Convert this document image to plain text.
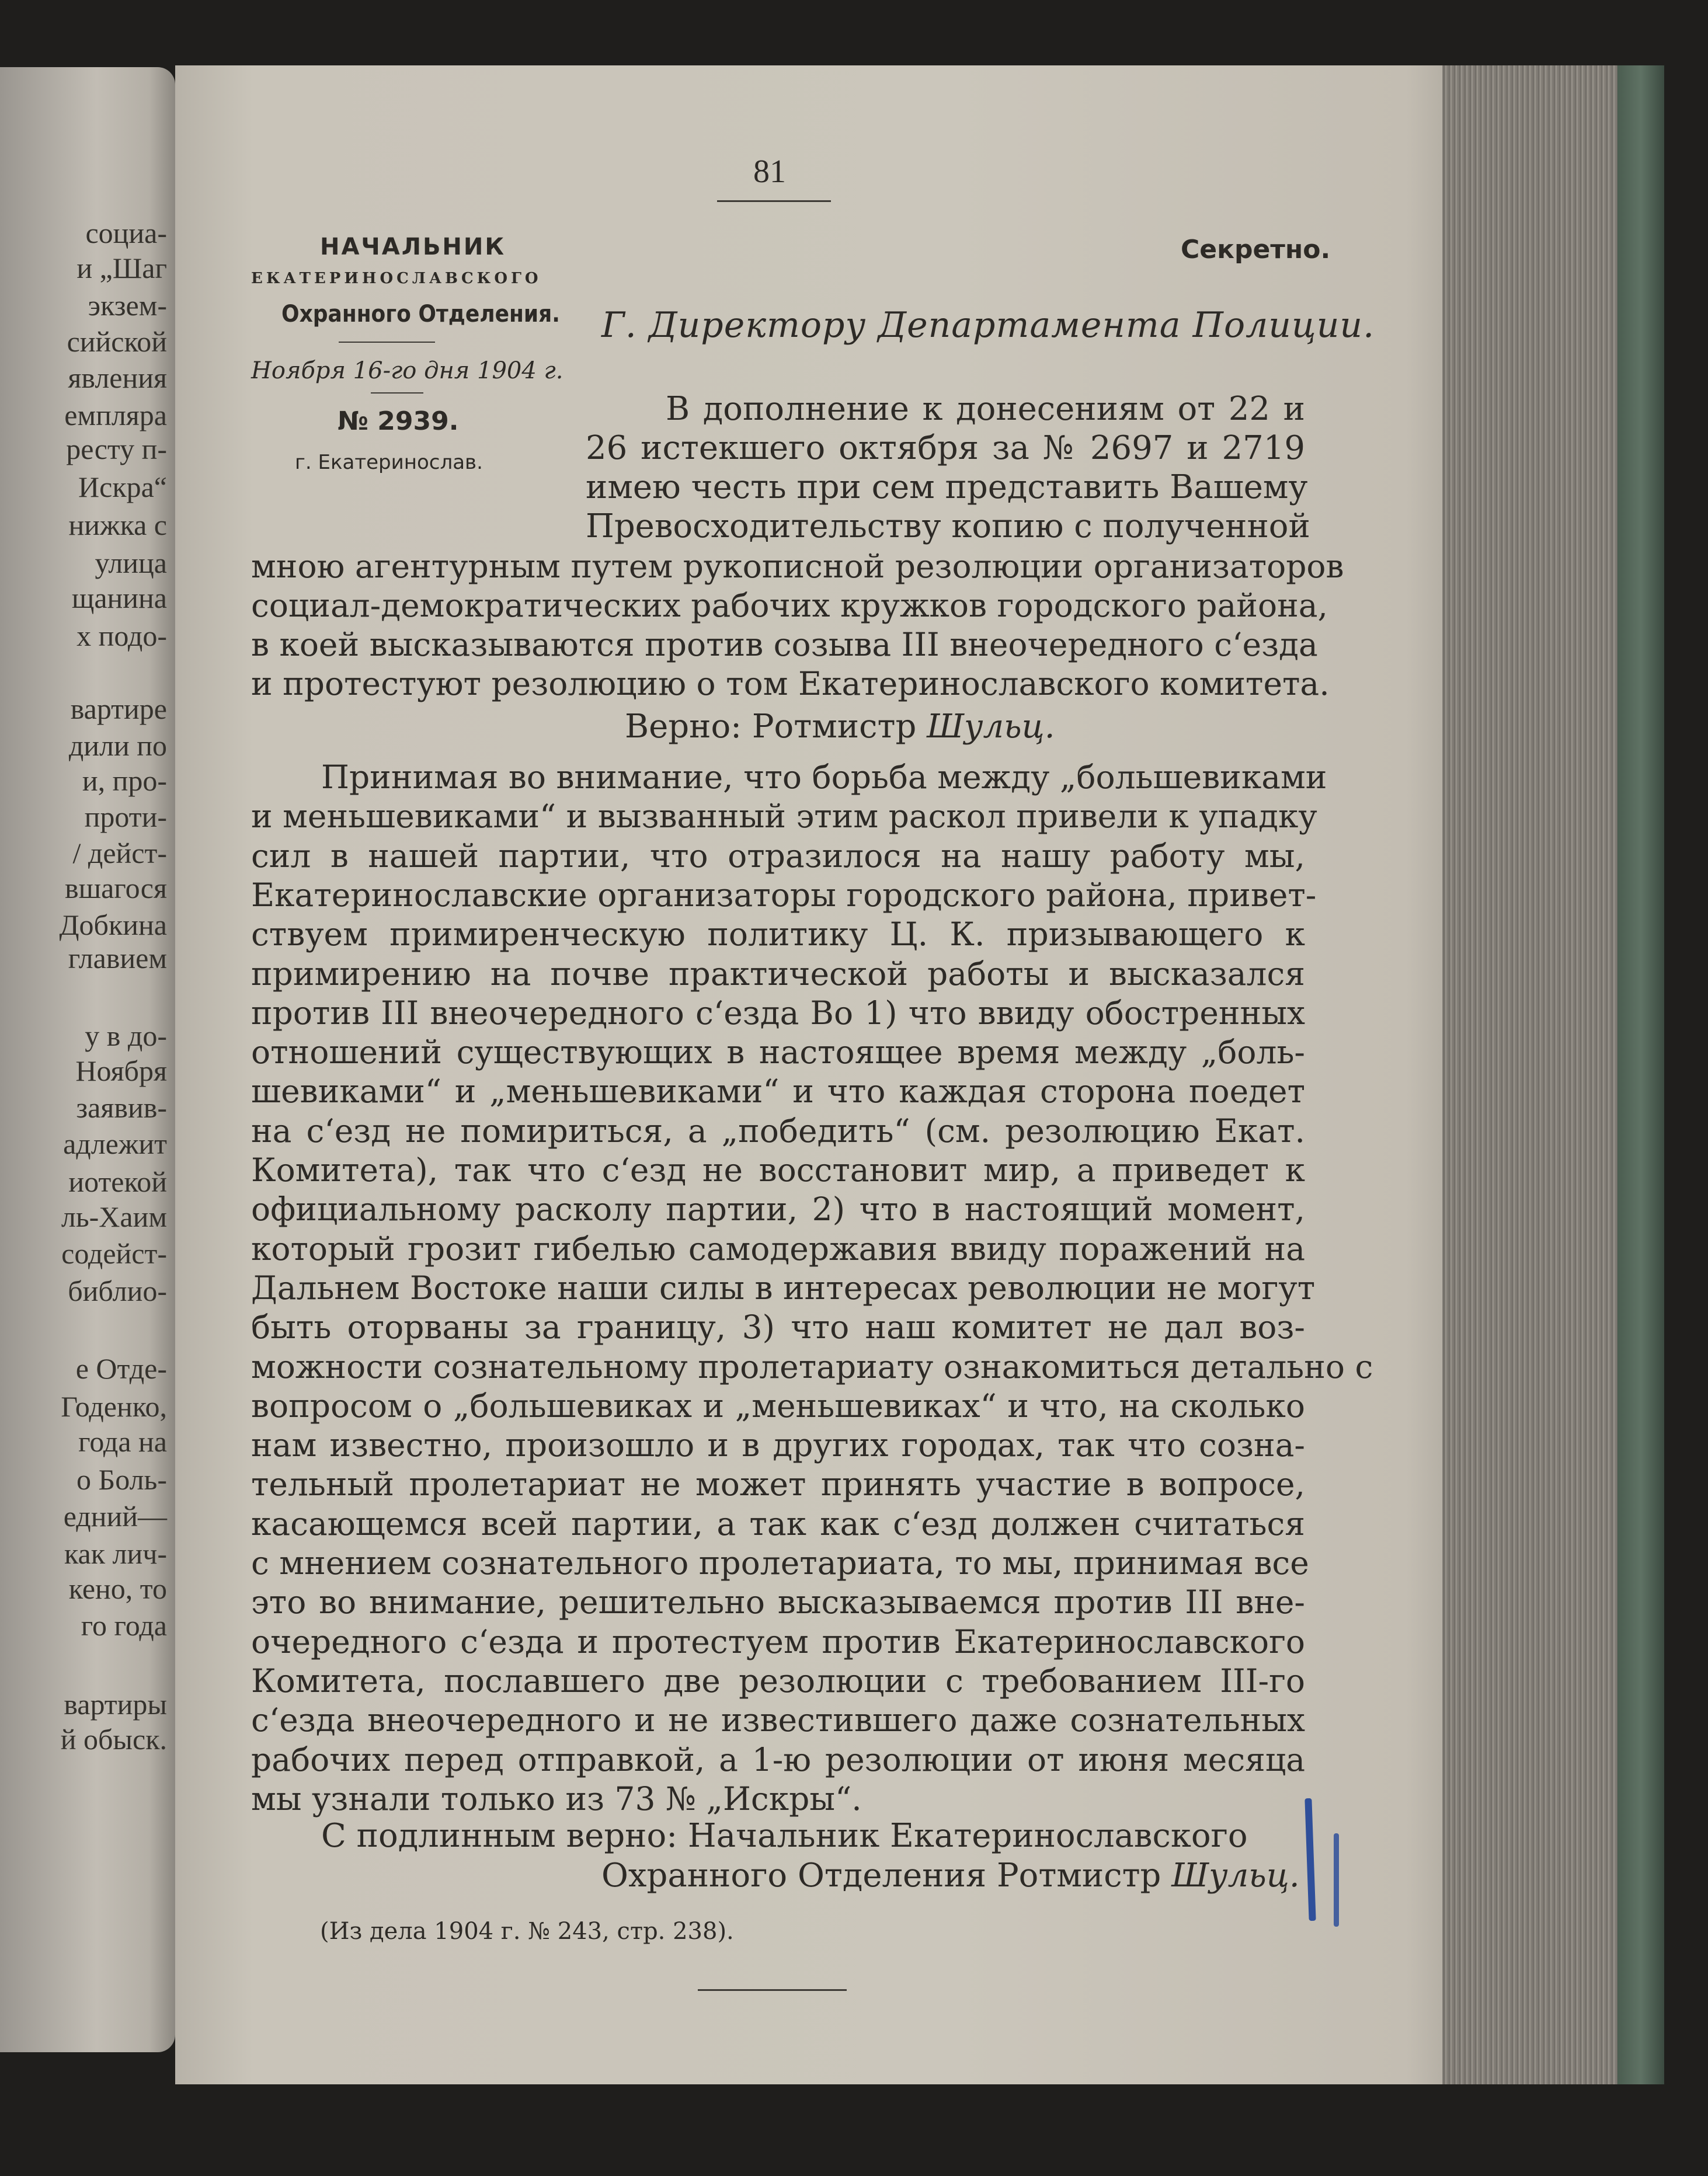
социа-
и „Шаг
экзем-
сийской
явления
емпляра
ресту п-
Искра“
нижка с
улица
щанина
х подо-
вартире
дили по
и, про-
проти-
/ дейст-
вшагося
Добкина
главием
у в до-
Ноября
заявив-
адлежит
иотекой
ль-Хаим
содейст-
библио-
е Отде-
Годенко,
года на
о Боль-
едний—
как лич-
кено, то
го года
вартиры
й обыск.
81
НАЧАЛЬНИК
ЕКАТЕРИНОСЛАВСКОГО
Охранного Отделения.
Ноября 16-го дня 1904 г.
№ 2939.
г. Екатеринослав.
Секретно.
Г. Директору Департамента Полиции.
В дополнение к донесениям от 22 и
26 истекшего октября за № 2697 и 2719
имею честь при сем представить Вашему
Превосходительству копию с полученной
мною агентурным путем рукописной резолюции организаторов
социал-демократических рабочих кружков городского района,
в коей высказываются против созыва III внеочередного с‘езда
и протестуют резолюцию о том Екатеринославского комитета.
Верно: Ротмистр Шульц.
Принимая во внимание, что борьба между „большевиками
и меньшевиками“ и вызванный этим раскол привели к упадку
сил в нашей партии, что отразилося на нашу работу мы,
Екатеринославские организаторы городского района, привет-
ствуем примиренческую политику Ц. К. призывающего к
примирению на почве практической работы и высказался
против III внеочередного с‘езда Во 1) что ввиду обостренных
отношений существующих в настоящее время между „боль-
шевиками“ и „меньшевиками“ и что каждая сторона поедет
на с‘езд не помириться, а „победить“ (см. резолюцию Екат.
Комитета), так что с‘езд не восстановит мир, а приведет к
официальному расколу партии, 2) что в настоящий момент,
который грозит гибелью самодержавия ввиду поражений на
Дальнем Востоке наши силы в интересах революции не могут
быть оторваны за границу, 3) что наш комитет не дал воз-
можности сознательному пролетариату ознакомиться детально с
вопросом о „большевиках и „меньшевиках“ и что, на сколько
нам известно, произошло и в других городах, так что созна-
тельный пролетариат не может принять участие в вопросе,
касающемся всей партии, а так как с‘езд должен считаться
с мнением сознательного пролетариата, то мы, принимая все
это во внимание, решительно высказываемся против III вне-
очередного с‘езда и протестуем против Екатеринославского
Комитета, пославшего две резолюции с требованием III-го
с‘езда внеочередного и не известившего даже сознательных
рабочих перед отправкой, а 1-ю резолюции от июня месяца
мы узнали только из 73 № „Искры“.
С подлинным верно: Начальник Екатеринославского
Охранного Отделения Ротмистр Шульц.
(Из дела 1904 г. № 243, стр. 238).
